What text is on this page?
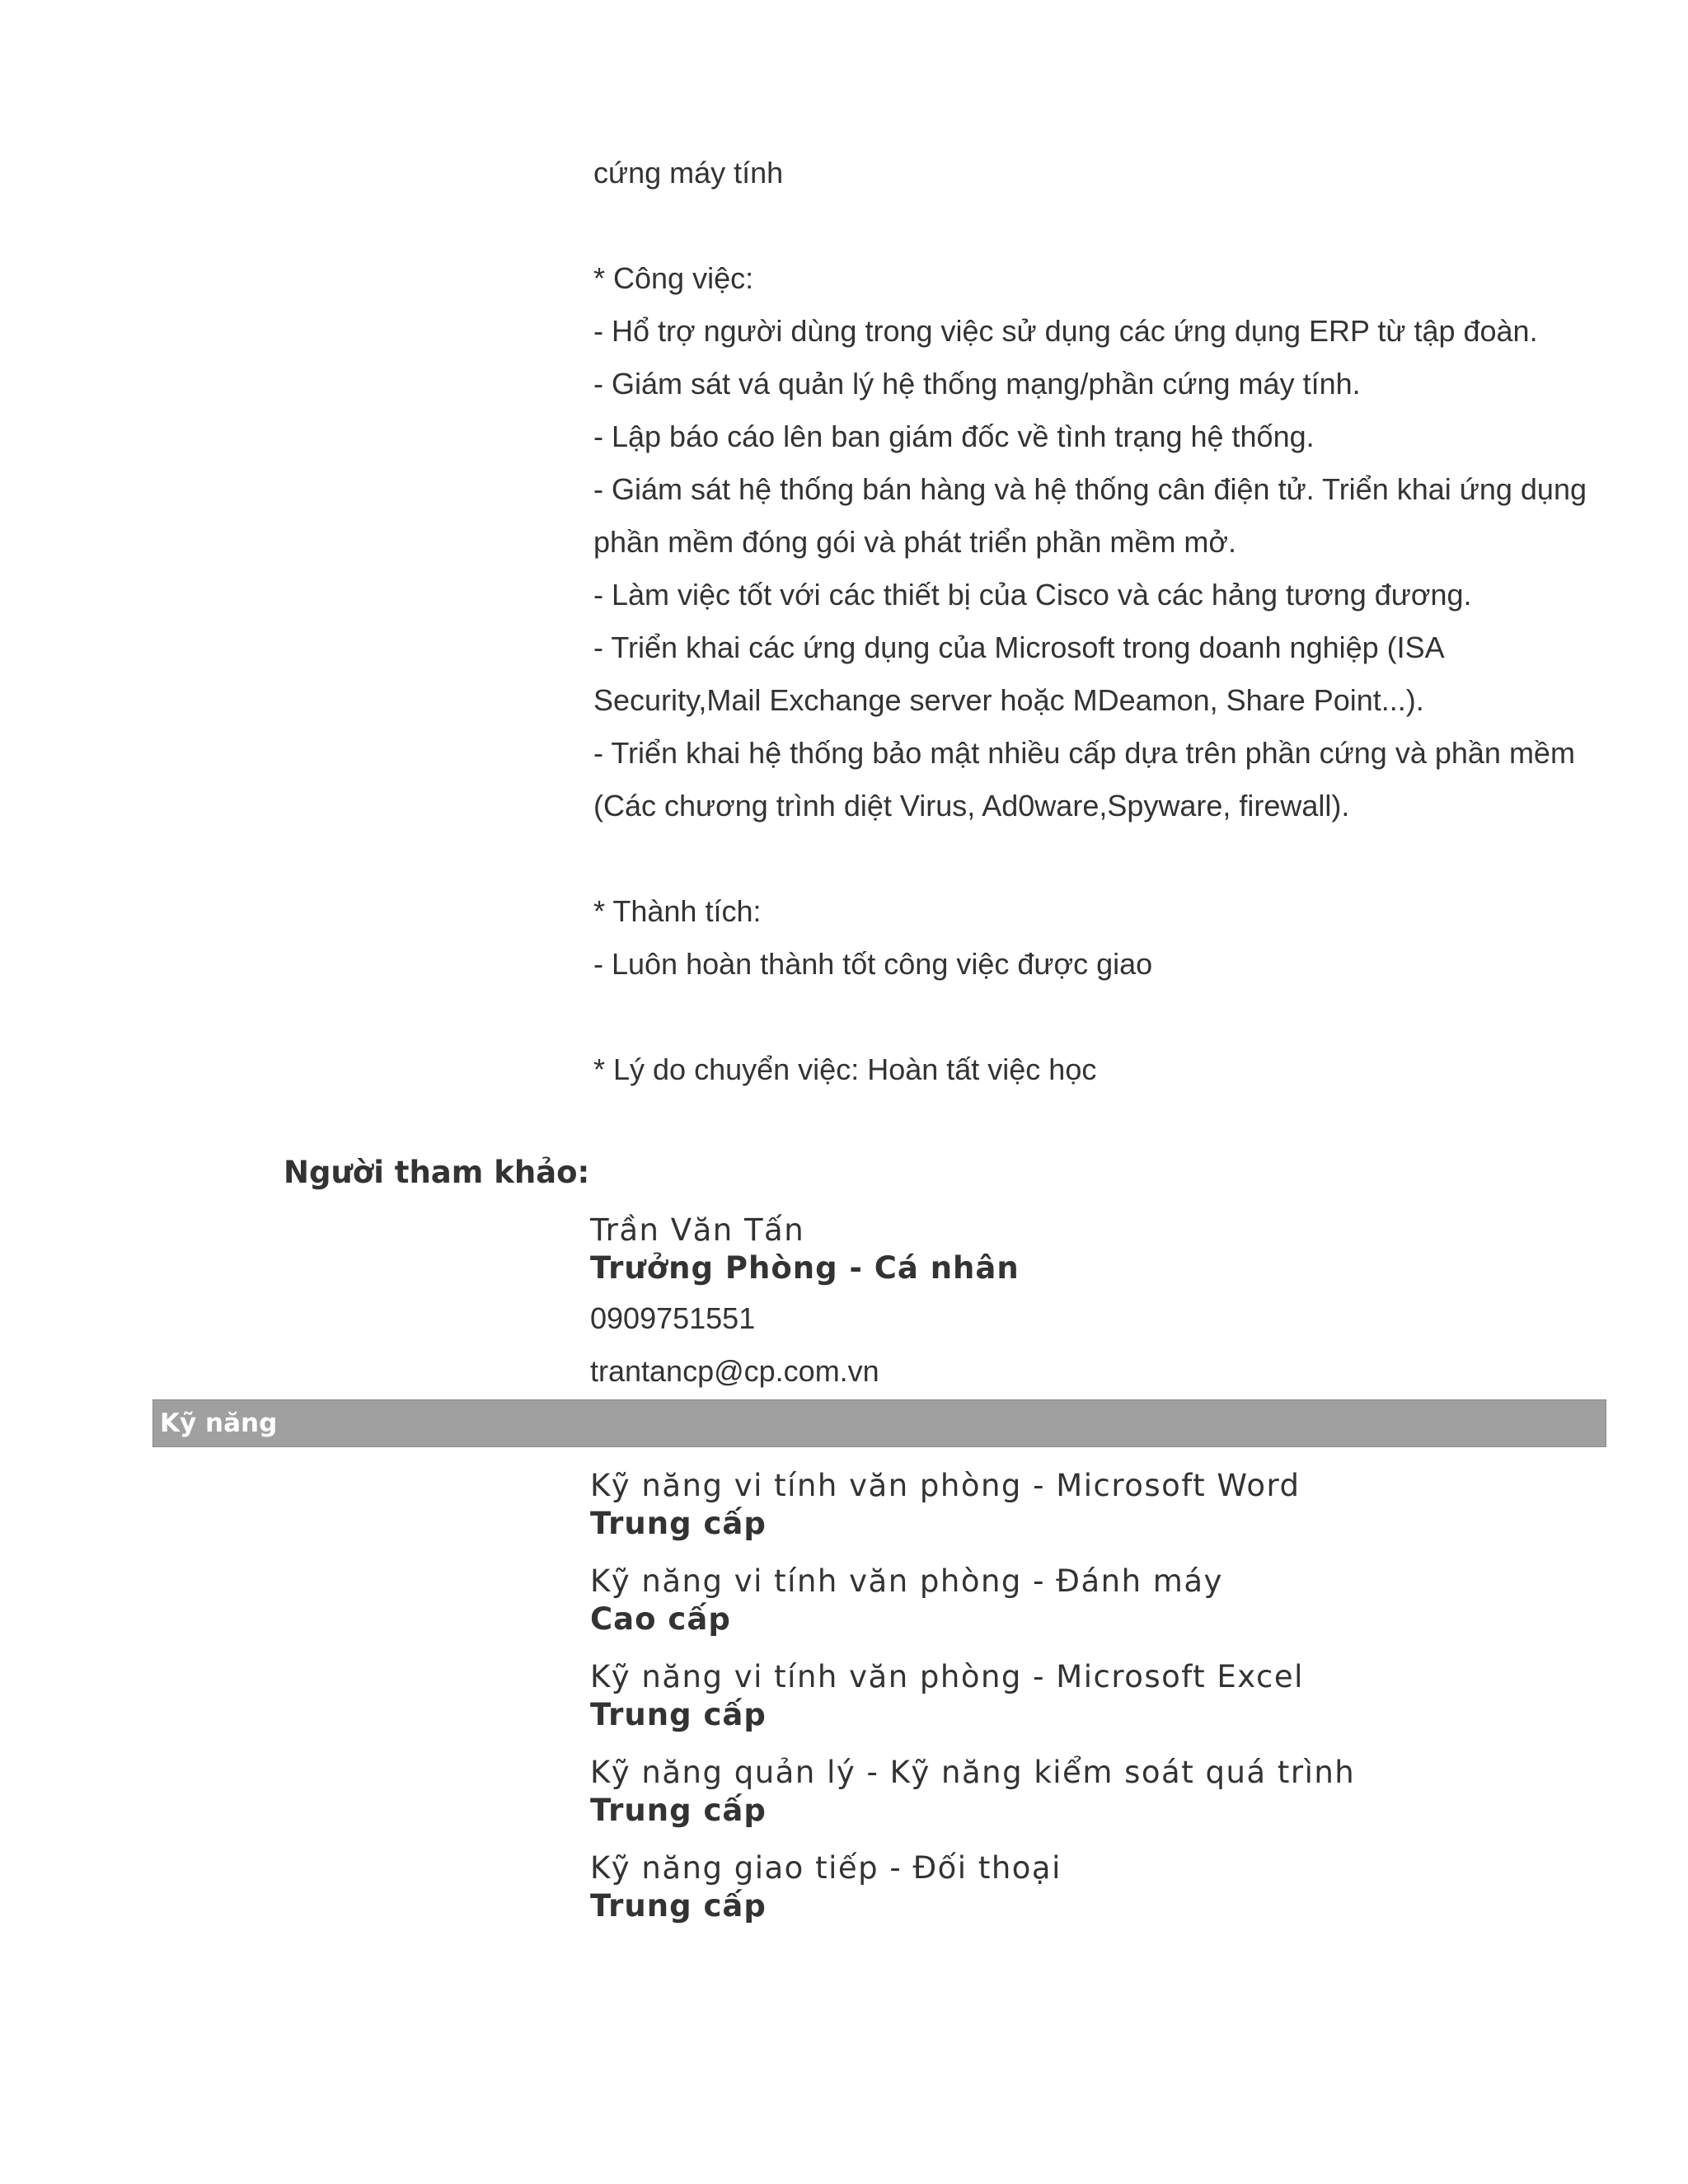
cứng máy tính
* Công việc:
- Hổ trợ người dùng trong việc sử dụng các ứng dụng ERP từ tập đoàn.
- Giám sát vá quản lý hệ thống mạng/phần cứng máy tính.
- Lập báo cáo lên ban giám đốc về tình trạng hệ thống.
- Giám sát hệ thống bán hàng và hệ thống cân điện tử. Triển khai ứng dụng
phần mềm đóng gói và phát triển phần mềm mở.
- Làm việc tốt với các thiết bị của Cisco và các hảng tương đương.
- Triển khai các ứng dụng của Microsoft trong doanh nghiệp (ISA
Security,Mail Exchange server hoặc MDeamon, Share Point...).
- Triển khai hệ thống bảo mật nhiều cấp dựa trên phần cứng và phần mềm
(Các chương trình diệt Virus, Ad0ware,Spyware, firewall).
* Thành tích:
- Luôn hoàn thành tốt công việc được giao
* Lý do chuyển việc: Hoàn tất việc học
Người tham khảo:
Trần Văn Tấn
Trưởng Phòng - Cá nhân
0909751551
trantancp@cp.com.vn
Kỹ năng
Kỹ năng vi tính văn phòng - Microsoft Word
Trung cấp
Kỹ năng vi tính văn phòng - Đánh máy
Cao cấp
Kỹ năng vi tính văn phòng - Microsoft Excel
Trung cấp
Kỹ năng quản lý - Kỹ năng kiểm soát quá trình
Trung cấp
Kỹ năng giao tiếp - Đối thoại
Trung cấp
